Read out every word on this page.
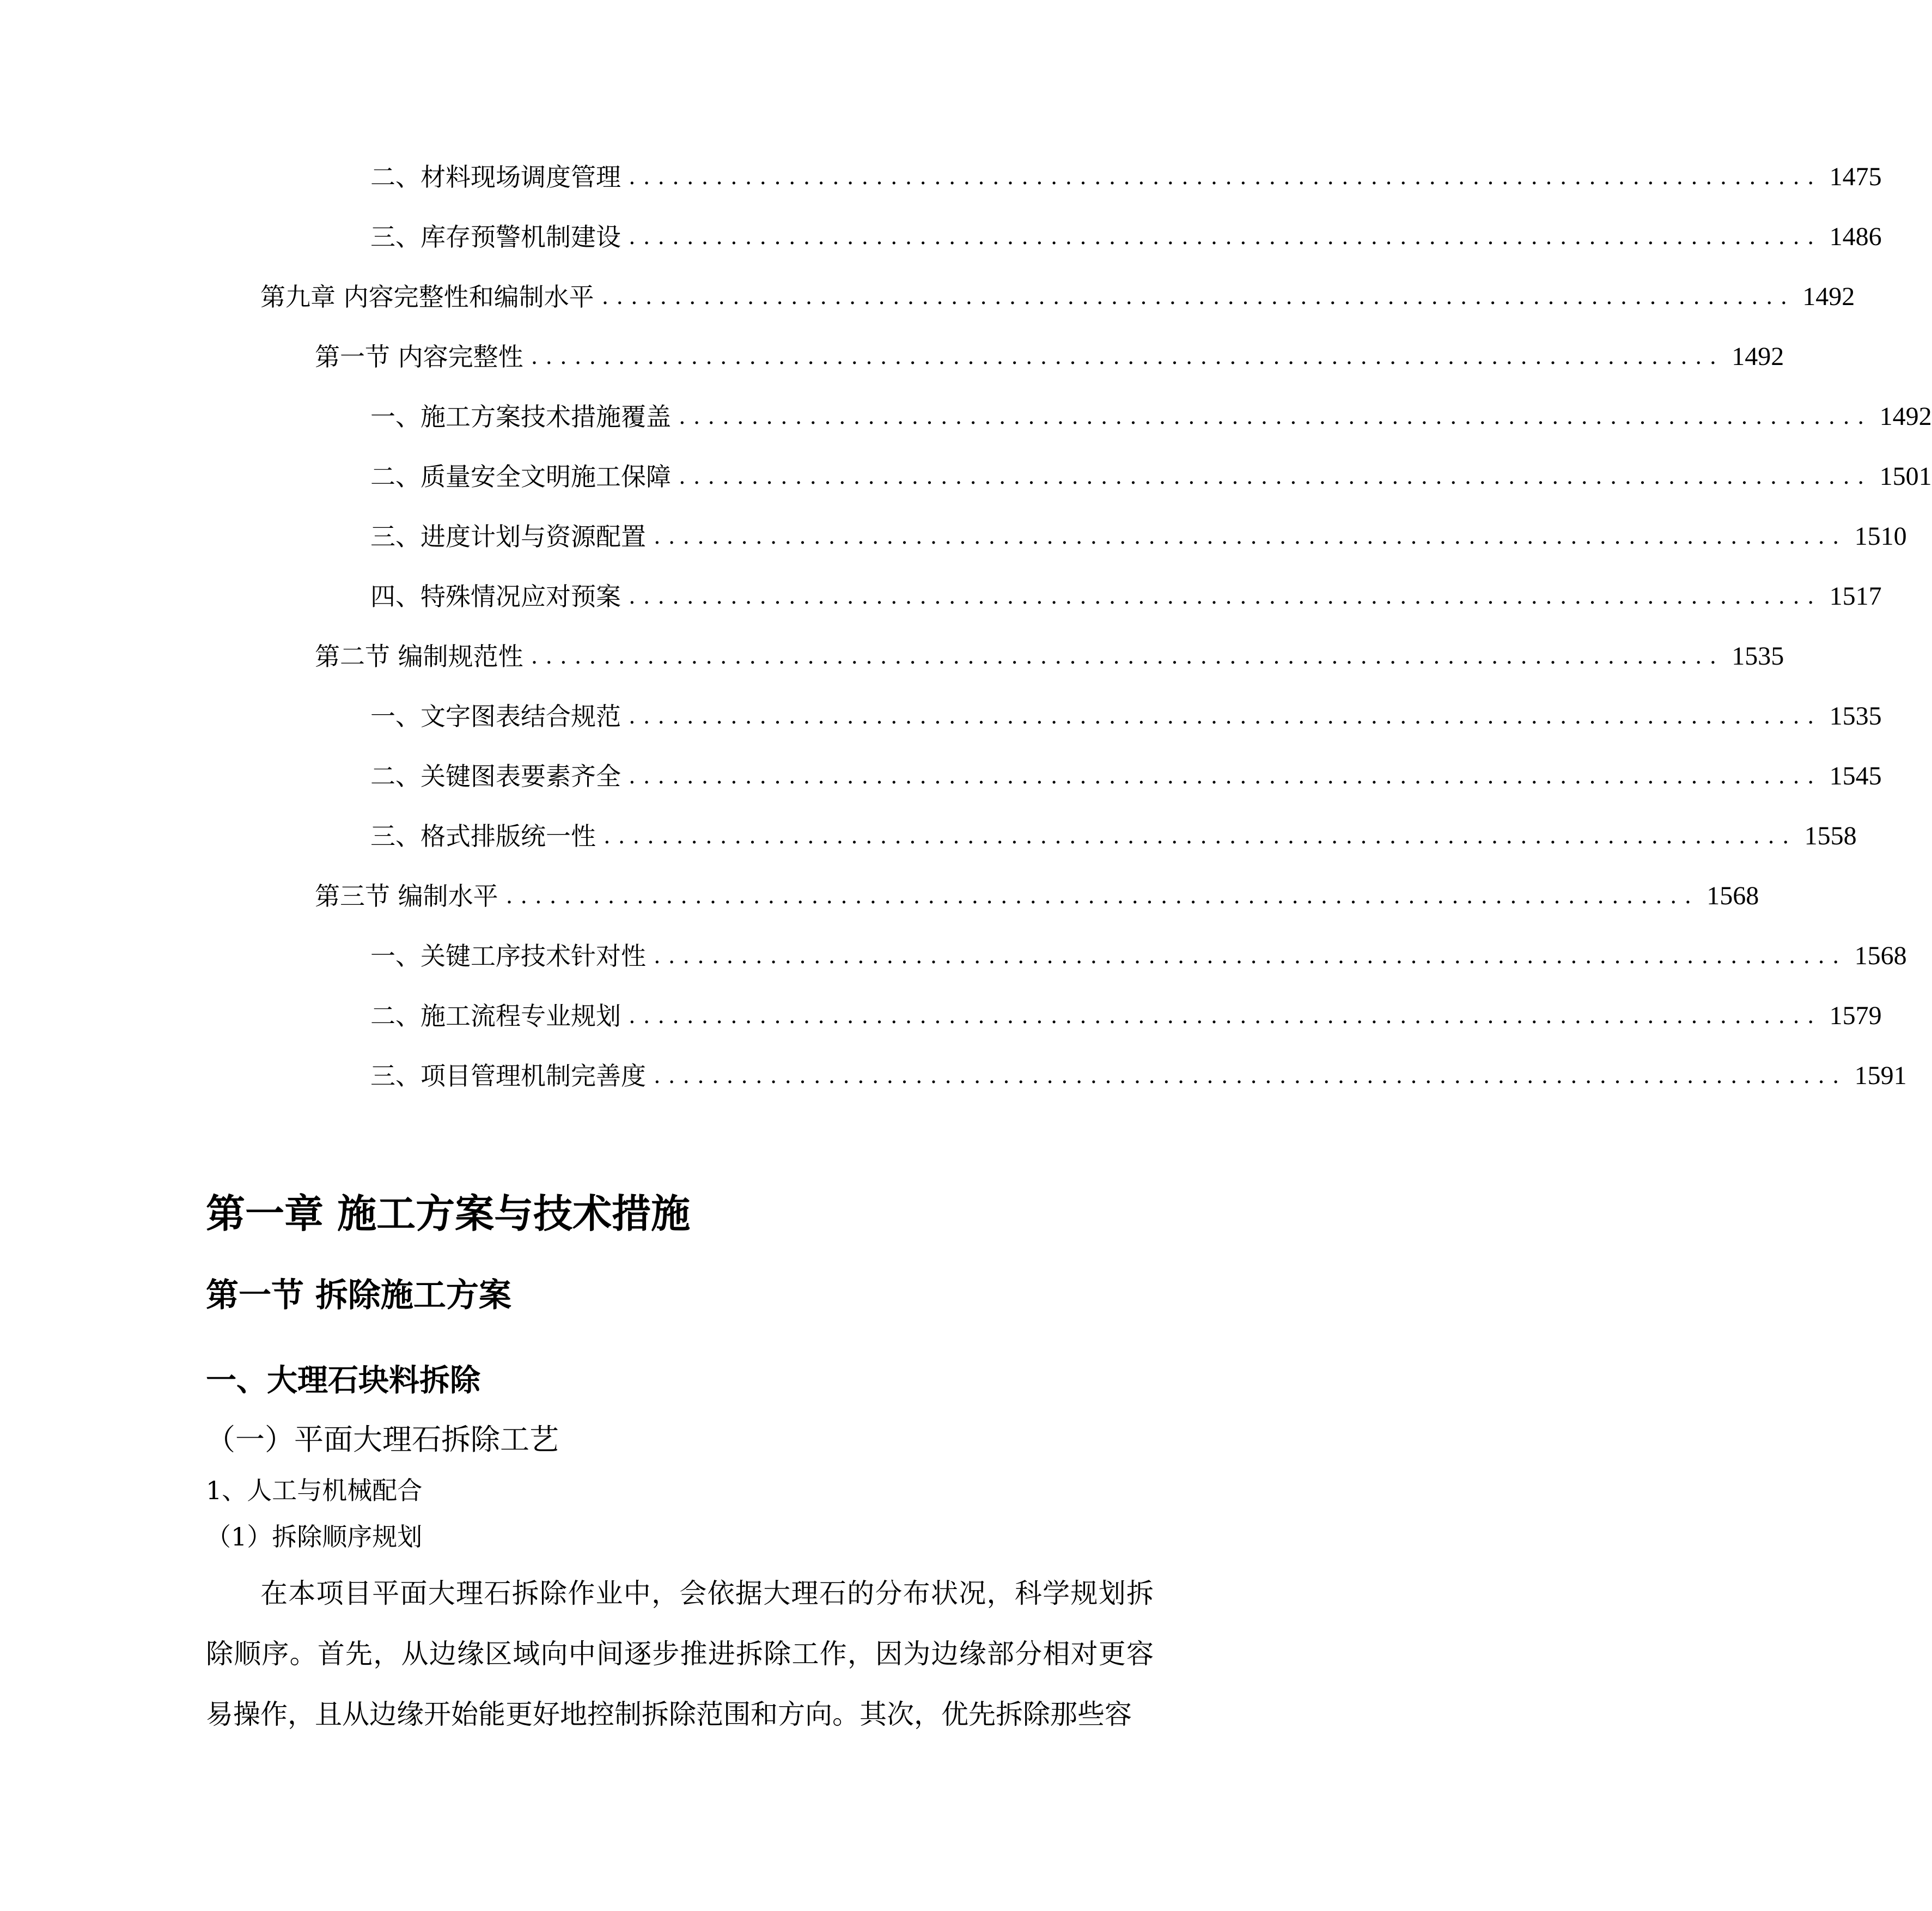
二、 材料现场调度管理 .................................................................................. 1475
三、 库存预警机制建设 .................................................................................. 1486
第九章 内容完整性和编制水平 .................................................................................. 1492
第一节 内容完整性 .................................................................................. 1492
一、 施工方案技术措施覆盖 .................................................................................. 1492
二、 质量安全文明施工保障 .................................................................................. 1501
三、 进度计划与资源配置 .................................................................................. 1510
四、 特殊情况应对预案 .................................................................................. 1517
第二节 编制规范性 .................................................................................. 1535
一、 文字图表结合规范 .................................................................................. 1535
二、 关键图表要素齐全 .................................................................................. 1545
三、 格式排版统一性 .................................................................................. 1558
第三节 编制水平 .................................................................................. 1568
一、 关键工序技术针对性 .................................................................................. 1568
二、 施工流程专业规划 .................................................................................. 1579
三、 项目管理机制完善度 .................................................................................. 1591
第一章 施工方案与技术措施
第一节 拆除施工方案
一、大理石块料拆除
（一）平面大理石拆除工艺
1、人工与机械配合
（1）拆除顺序规划

在本项目平面大理石拆除作业中，会依据大理石的分布状况，科学规划拆除顺序。首先，从边缘区域向中间逐步推进拆除工作，因为边缘部分相对更容易操作，且从边缘开始能更好地控制拆除范围和方向。其次，优先拆除那些容
